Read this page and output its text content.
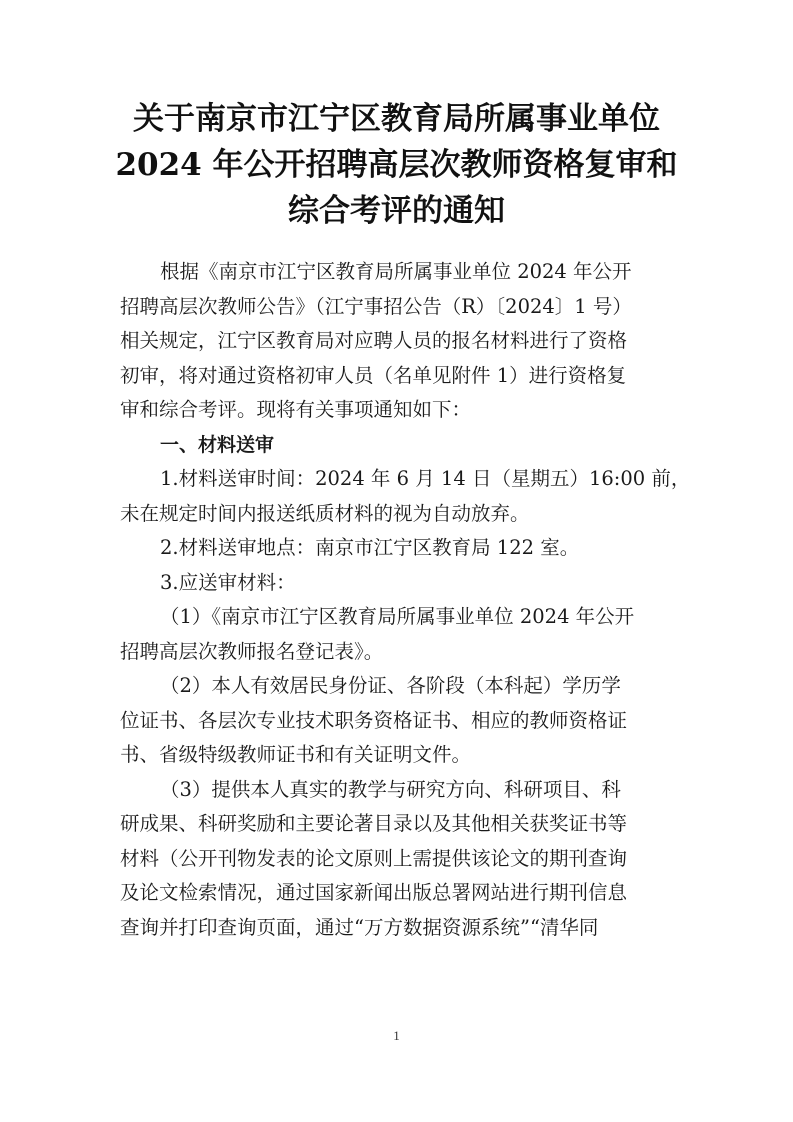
关于南京市江宁区教育局所属事业单位
2024 年公开招聘高层次教师资格复审和
综合考评的通知
根据《南京市江宁区教育局所属事业单位 2024 年公开
招聘高层次教师公告》（江宁事招公告（R）〔2024〕1 号）
相关规定，江宁区教育局对应聘人员的报名材料进行了资格
初审，将对通过资格初审人员（名单见附件 1）进行资格复
审和综合考评。现将有关事项通知如下：
一、材料送审
1.材料送审时间：2024 年 6 月 14 日（星期五）16:00 前，
未在规定时间内报送纸质材料的视为自动放弃。
2.材料送审地点：南京市江宁区教育局 122 室。
3.应送审材料：
（1）《南京市江宁区教育局所属事业单位 2024 年公开
招聘高层次教师报名登记表》。
（2）本人有效居民身份证、各阶段（本科起）学历学
位证书、各层次专业技术职务资格证书、相应的教师资格证
书、省级特级教师证书和有关证明文件。
（3）提供本人真实的教学与研究方向、科研项目、科
研成果、科研奖励和主要论著目录以及其他相关获奖证书等
材料（公开刊物发表的论文原则上需提供该论文的期刊查询
及论文检索情况，通过国家新闻出版总署网站进行期刊信息
查询并打印查询页面，通过“万方数据资源系统”“清华同
1
